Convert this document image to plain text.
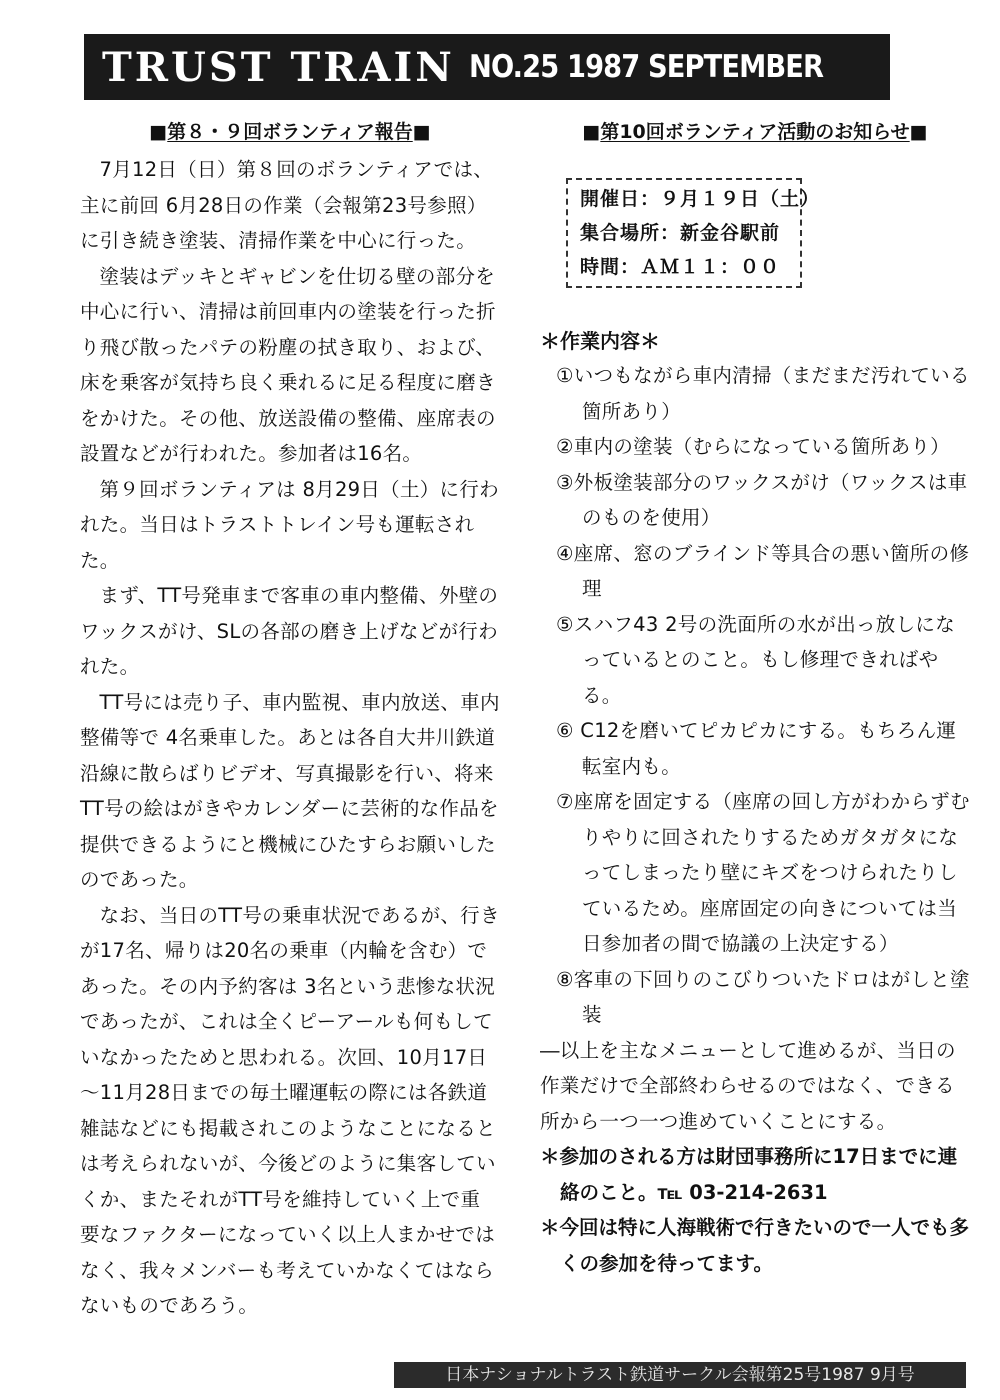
TRUST TRAIN NO.25 1987 SEPTEMBER
■第８・９回ボランティア報告■

7月12日（日）第８回のボランティアでは、主に前回 6月28日の作業（会報第23号参照）に引き続き塗装、清掃作業を中心に行った。

塗装はデッキとギャビンを仕切る壁の部分を中心に行い、清掃は前回車内の塗装を行った折り飛び散ったパテの粉塵の拭き取り、および、床を乗客が気持ち良く乗れるに足る程度に磨きをかけた。その他、放送設備の整備、座席表の設置などが行われた。参加者は16名。

第９回ボランティアは 8月29日（土）に行われた。当日はトラストトレイン号も運転された。

まず、TT号発車まで客車の車内整備、外壁のワックスがけ、SLの各部の磨き上げなどが行われた。

TT号には売り子、車内監視、車内放送、車内整備等で 4名乗車した。あとは各自大井川鉄道沿線に散らばりビデオ、写真撮影を行い、将来TT号の絵はがきやカレンダーに芸術的な作品を提供できるようにと機械にひたすらお願いしたのであった。

なお、当日のTT号の乗車状況であるが、行きが17名、帰りは20名の乗車（内輪を含む）であった。その内予約客は 3名という悲惨な状況であったが、これは全くピーアールも何もしていなかったためと思われる。次回、10月17日～11月28日までの毎土曜運転の際には各鉄道雑誌などにも掲載されこのようなことになるとは考えられないが、今後どのように集客していくか、またそれがTT号を維持していく上で重要なファクターになっていく以上人まかせではなく、我々メンバーも考えていかなくてはならないものであろう。

■第10回ボランティア活動のお知らせ■
開催日：９月１９日（土）
集合場所：新金谷駅前
時間：ＡＭ１１：００
＊作業内容＊
①いつもながら車内清掃（まだまだ汚れている箇所あり）
②車内の塗装（むらになっている箇所あり）
③外板塗装部分のワックスがけ（ワックスは車のものを使用）
④座席、窓のブラインド等具合の悪い箇所の修理
⑤スハフ43 2号の洗面所の水が出っ放しになっているとのこと。もし修理できればやる。
⑥ C12を磨いてピカピカにする。もちろん運転室内も。
⑦座席を固定する（座席の回し方がわからずむりやりに回されたりするためガタガタになってしまったり壁にキズをつけられたりしているため。座席固定の向きについては当日参加者の間で協議の上決定する）
⑧客車の下回りのこびりついたドロはがしと塗装

―以上を主なメニューとして進めるが、当日の作業だけで全部終わらせるのではなく、できる所から一つ一つ進めていくことにする。

＊参加のされる方は財団事務所に17日までに連絡のこと。℡ 03-214-2631

＊今回は特に人海戦術で行きたいので一人でも多くの参加を待ってます。

日本ナショナルトラスト鉄道サークル会報第25号1987 9月号
